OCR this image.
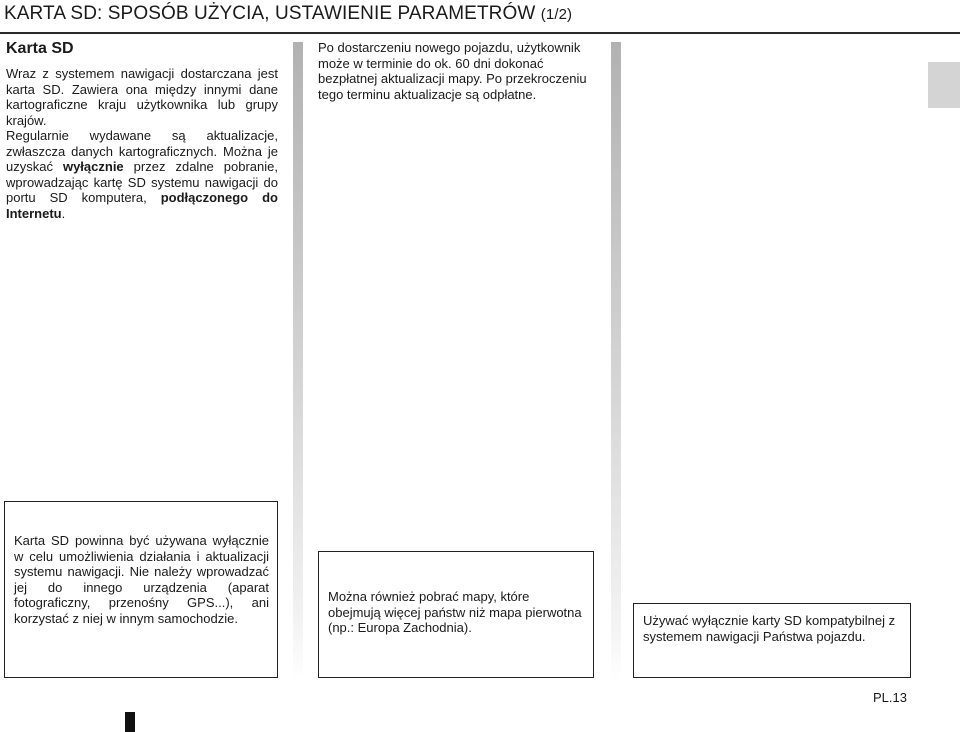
KARTA SD: SPOSÓB UŻYCIA, USTAWIENIE PARAMETRÓW (1/2)
Karta SD

Wraz z systemem nawigacji dostarczana jest karta SD. Zawiera ona między innymi dane kartograficzne kraju użytkownika lub grupy krajów.

Regularnie wydawane są aktualizacje, zwłaszcza danych kartograficznych. Można je uzyskać wyłącznie przez zdalne pobranie, wprowadzając kartę SD systemu nawigacji do portu SD komputera, podłączonego do Internetu.

Po dostarczeniu nowego pojazdu, użytkownik może w terminie do ok. 60 dni dokonać bezpłatnej aktualizacji mapy. Po przekroczeniu tego terminu aktualizacje są odpłatne.

Karta SD powinna być używana wyłącznie w celu umożliwienia działania i aktualizacji systemu nawigacji. Nie należy wprowadzać jej do innego urządzenia (aparat fotograficzny, przenośny GPS...), ani korzystać z niej w innym samochodzie.

Można również pobrać mapy, które obejmują więcej państw niż mapa pierwotna (np.: Europa Zachodnia).	Używać wyłącznie karty SD kompatybilnej z systemem nawigacji Państwa pojazdu.

PL.13
